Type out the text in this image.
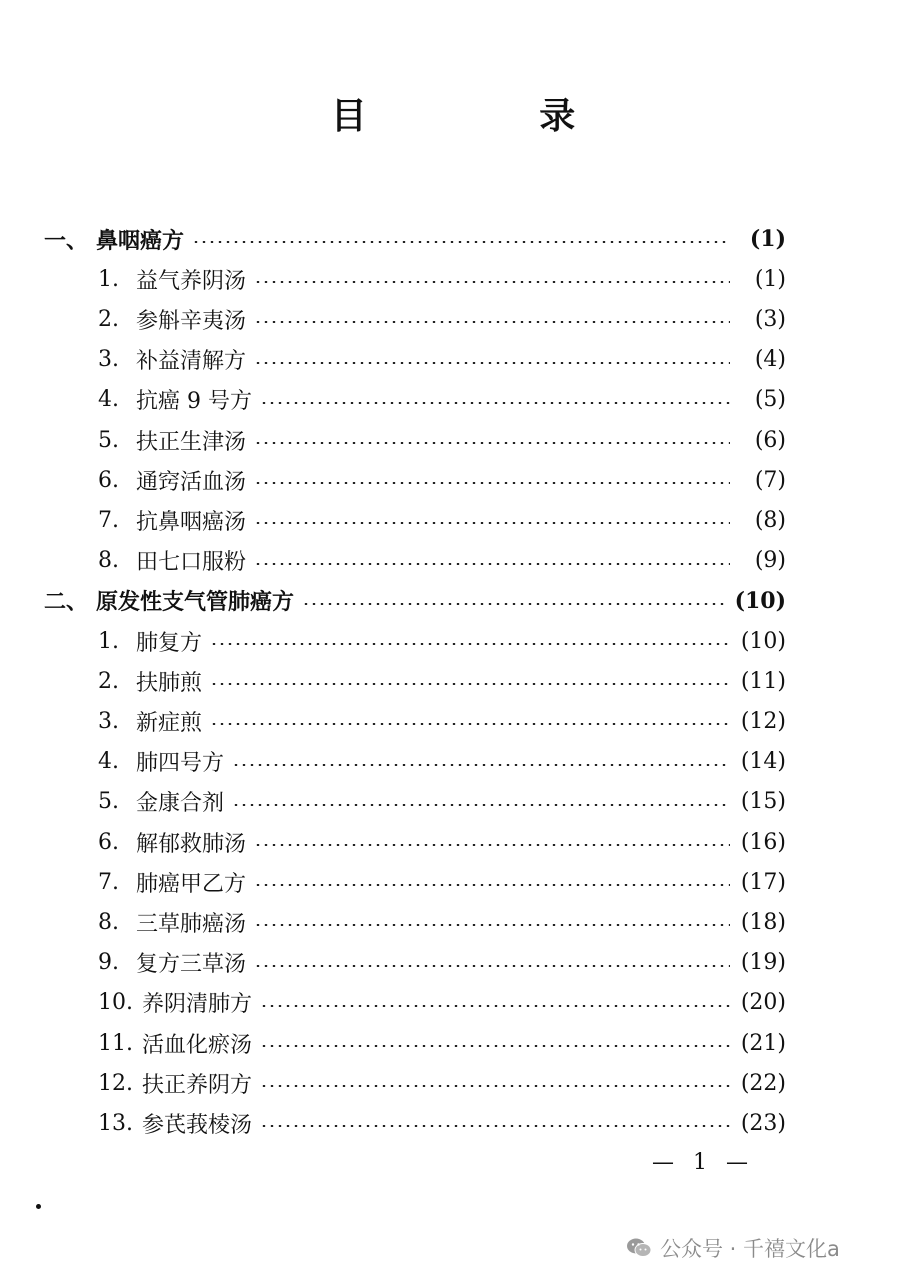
目 录
一、 鼻咽癌方	(1)
1. 益气养阴汤	(1)
2. 参斛辛夷汤	(3)
3. 补益清解方	(4)
4. 抗癌 9 号方	(5)
5. 扶正生津汤	(6)
6. 通窍活血汤	(7)
7. 抗鼻咽癌汤	(8)
8. 田七口服粉	(9)
二、 原发性支气管肺癌方	(10)
1. 肺复方	(10)
2. 扶肺煎	(11)
3. 新症煎	(12)
4. 肺四号方	(14)
5. 金康合剂	(15)
6. 解郁救肺汤	(16)
7. 肺癌甲乙方	(17)
8. 三草肺癌汤	(18)
9. 复方三草汤	(19)
10. 养阴清肺方	(20)
11. 活血化瘀汤	(21)
12. 扶正养阴方	(22)
13. 参芪莪棱汤	(23)
— 1 —
公众号 · 千禧文化a
